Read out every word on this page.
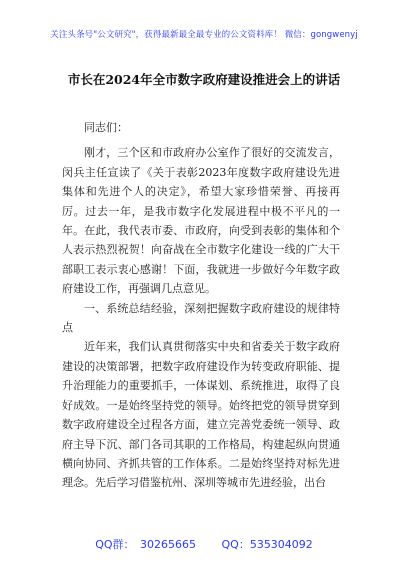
关注头条号"公文研究"，获得最新最全最专业的公文资料库！ 微信：gongwenyj
市长在2024年全市数字政府建设推进会上的讲话

同志们：

刚才，三个区和市政府办公室作了很好的交流发言，闵兵主任宣读了《关于表彰2023年度数字政府建设先进集体和先进个人的决定》，希望大家珍惜荣誉、再接再厉。过去一年，是我市数字化发展进程中极不平凡的一年。在此，我代表市委、市政府，向受到表彰的集体和个人表示热烈祝贺！向奋战在全市数字化建设一线的广大干部职工表示衷心感谢！下面，我就进一步做好今年数字政府建设工作，再强调几点意见。

一、系统总结经验，深刻把握数字政府建设的规律特点

近年来，我们认真贯彻落实中央和省委关于数字政府建设的决策部署，把数字政府建设作为转变政府职能、提升治理能力的重要抓手，一体谋划、系统推进，取得了良好成效。一是始终坚持党的领导。始终把党的领导贯穿到数字政府建设全过程各方面，建立完善党委统一领导、政府主导下沉、部门各司其职的工作格局，构建起纵向贯通横向协同、齐抓共管的工作体系。二是始终坚持对标先进理念。先后学习借鉴杭州、深圳等城市先进经验，出台

QQ群： 30265665 QQ：535304092
